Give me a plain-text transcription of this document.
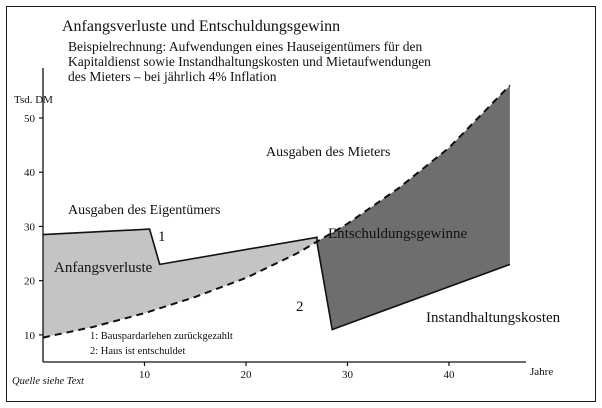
Anfangsverluste und Entschuldungsgewinn
Beispielrechnung: Aufwendungen eines Hauseigentümers für den
Kapitaldienst sowie Instandhaltungskosten und Mietaufwendungen
des Mieters – bei jährlich 4% Inflation
10
20
30
40
50
10	20	30	40
Tsd. DM
Jahre
Ausgaben des Mieters
Ausgaben des Eigentümers
Anfangsverluste
Entschuldungsgewinne
Instandhaltungskosten
1
2
1: Bauspardarlehen zurückgezahlt
2: Haus ist entschuldet
Quelle siehe Text
